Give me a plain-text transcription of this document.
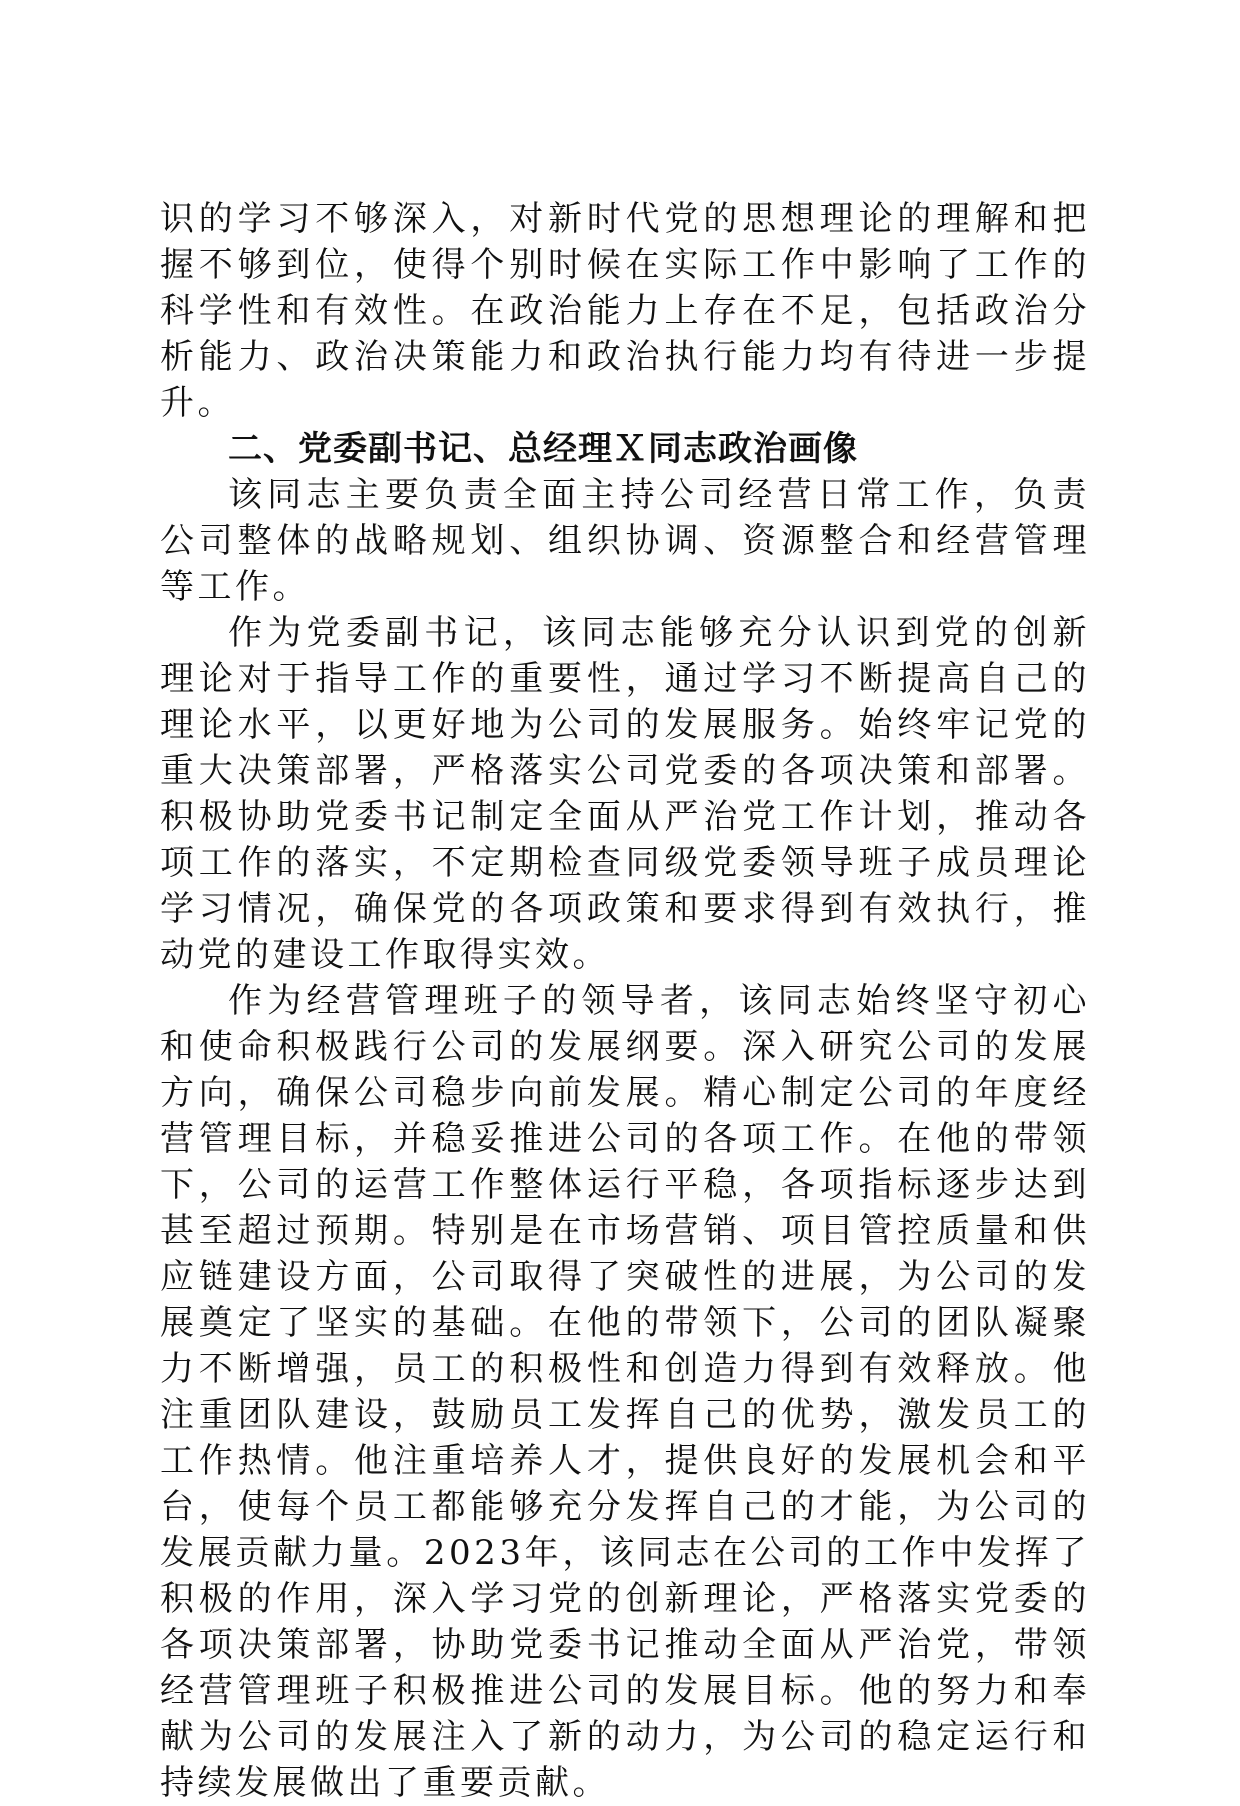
识的学习不够深入，对新时代党的思想理论的理解和把握不够到位，使得个别时候在实际工作中影响了工作的科学性和有效性。在政治能力上存在不足，包括政治分析能力、政治决策能力和政治执行能力均有待进一步提升。

二、党委副书记、总经理Ｘ同志政治画像

该同志主要负责全面主持公司经营日常工作，负责公司整体的战略规划、组织协调、资源整合和经营管理等工作。

作为党委副书记，该同志能够充分认识到党的创新理论对于指导工作的重要性，通过学习不断提高自己的理论水平，以更好地为公司的发展服务。始终牢记党的重大决策部署，严格落实公司党委的各项决策和部署。积极协助党委书记制定全面从严治党工作计划，推动各项工作的落实，不定期检查同级党委领导班子成员理论学习情况，确保党的各项政策和要求得到有效执行，推动党的建设工作取得实效。

作为经营管理班子的领导者，该同志始终坚守初心和使命积极践行公司的发展纲要。深入研究公司的发展方向，确保公司稳步向前发展。精心制定公司的年度经营管理目标，并稳妥推进公司的各项工作。在他的带领下，公司的运营工作整体运行平稳，各项指标逐步达到甚至超过预期。特别是在市场营销、项目管控质量和供应链建设方面，公司取得了突破性的进展，为公司的发展奠定了坚实的基础。在他的带领下，公司的团队凝聚力不断增强，员工的积极性和创造力得到有效释放。他注重团队建设，鼓励员工发挥自己的优势，激发员工的工作热情。他注重培养人才，提供良好的发展机会和平台，使每个员工都能够充分发挥自己的才能，为公司的发展贡献力量。2023年，该同志在公司的工作中发挥了积极的作用，深入学习党的创新理论，严格落实党委的各项决策部署，协助党委书记推动全面从严治党，带领经营管理班子积极推进公司的发展目标。他的努力和奉献为公司的发展注入了新的动力，为公司的稳定运行和持续发展做出了重要贡献。
